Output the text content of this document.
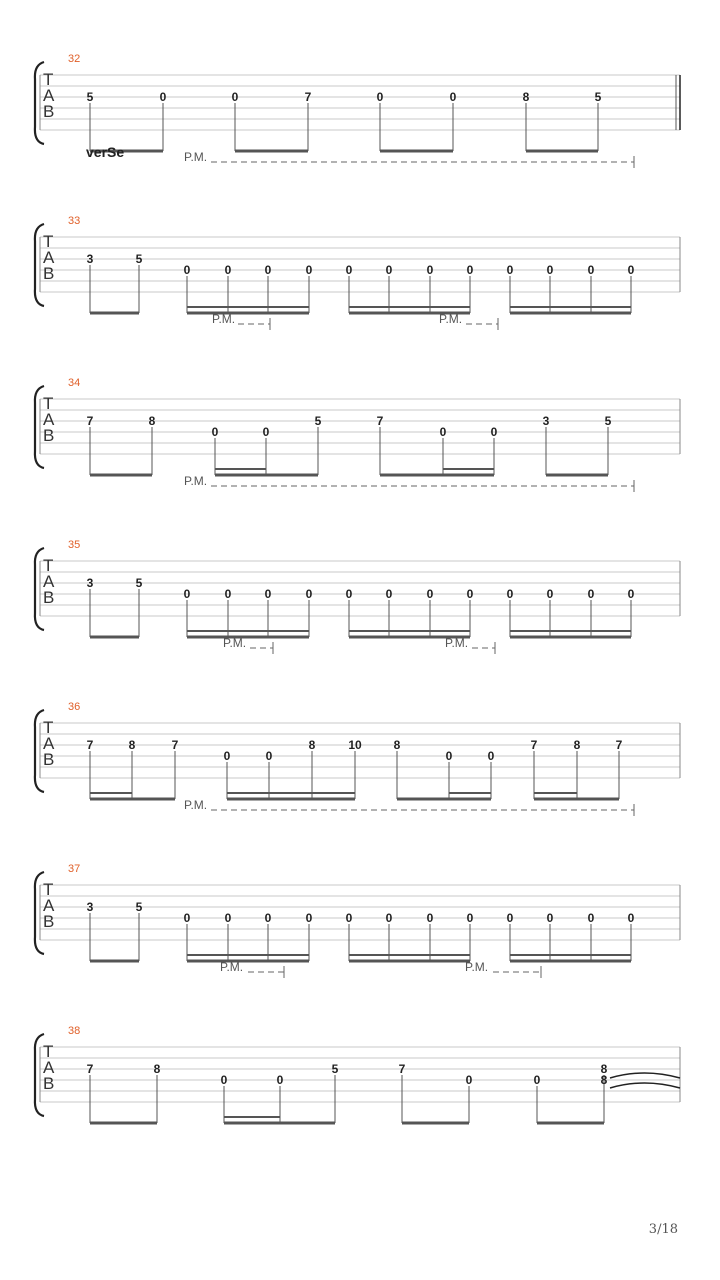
32
T
A
B
5	0	0	7	0	0	8	5
33
verSe	P.M.
T
A
B
3	5
0	0	0	0	0	0	0	0	0	0	0	0
34
P.M.	P.M.
T
A
B
7	8
0	0
5	7
0	0
3	5
35
P.M.
T
A
B
3	5
0	0	0	0	0	0	0	0	0	0	0	0
36
P.M.	P.M.
T
A
B
7	8	7
0	0
8	10	8
0	0
7	8	7
37
P.M.
T
A
B
3	5
0	0	0	0	0	0	0	0	0	0	0	0
38
P.M.	P.M.
T
A
B
7	8
0	0
5	7
0	0
8
8
3/18
